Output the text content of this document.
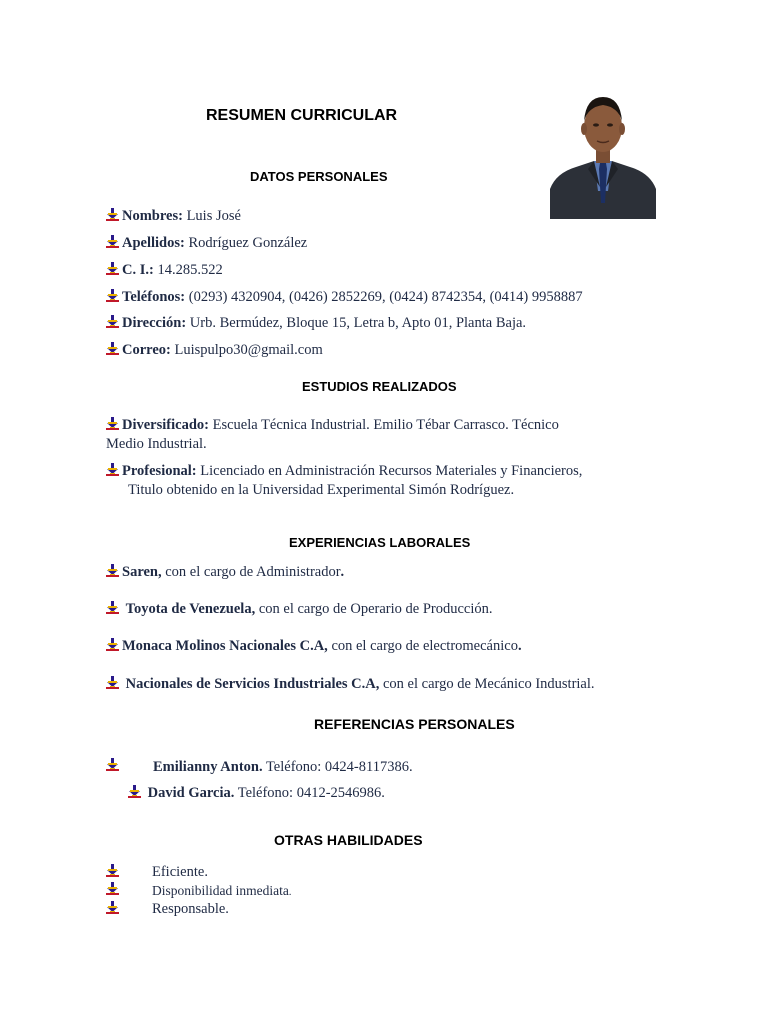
RESUMEN CURRICULAR
DATOS PERSONALES
Nombres: Luis José
Apellidos: Rodríguez González
C. I.: 14.285.522
Teléfonos: (0293) 4320904, (0426) 2852269, (0424) 8742354, (0414) 9958887
Dirección: Urb. Bermúdez, Bloque 15, Letra b, Apto 01, Planta Baja.
Correo: Luispulpo30@gmail.com
ESTUDIOS REALIZADOS
Diversificado: Escuela Técnica Industrial. Emilio Tébar Carrasco. Técnico
Medio Industrial.
Profesional: Licenciado en Administración Recursos Materiales y Financieros,
Titulo obtenido en la Universidad Experimental Simón Rodríguez.
EXPERIENCIAS LABORALES
Saren, con el cargo de Administrador.
Toyota de Venezuela, con el cargo de Operario de Producción.
Monaca Molinos Nacionales C.A, con el cargo de electromecánico.
Nacionales de Servicios Industriales C.A, con el cargo de Mecánico Industrial.
REFERENCIAS PERSONALES
Emilianny Anton. Teléfono: 0424-8117386.
David Garcia. Teléfono: 0412-2546986.
OTRAS HABILIDADES
Eficiente.
Disponibilidad inmediata.
Responsable.
